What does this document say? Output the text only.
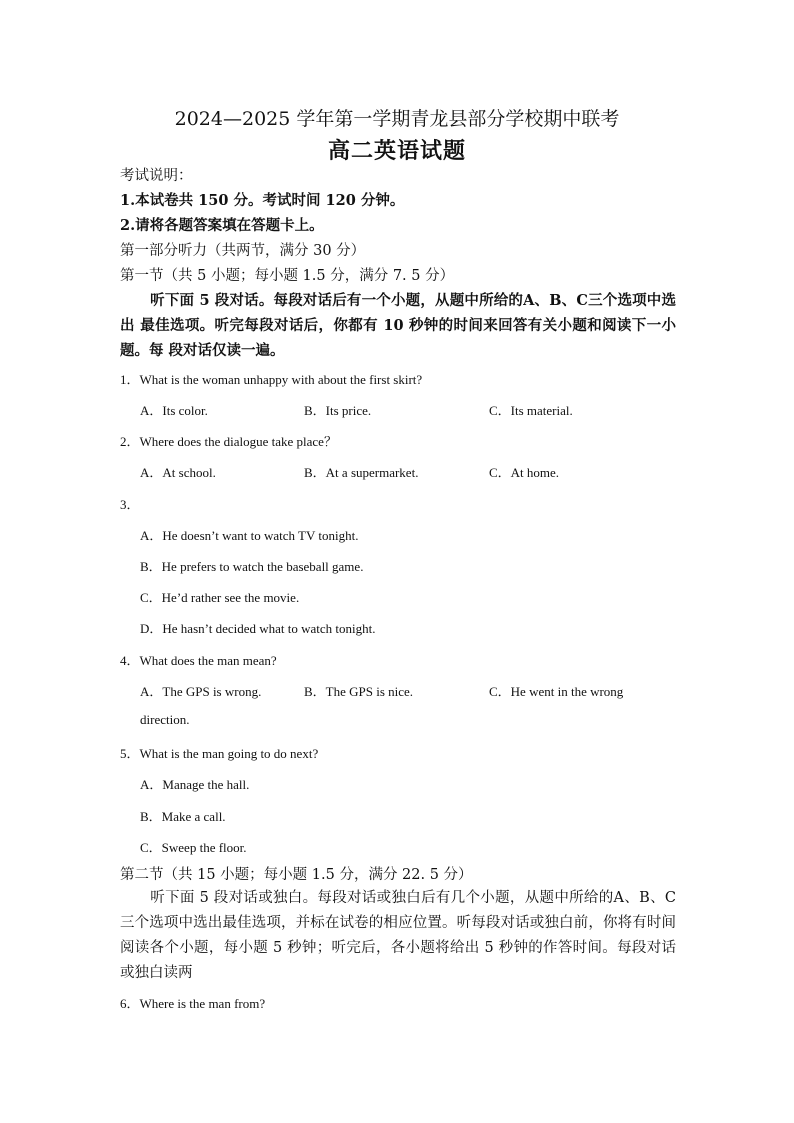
2024—2025 学年第一学期青龙县部分学校期中联考
高二英语试题
考试说明：
1.本试卷共 150 分。考试时间 120 分钟。
2.请将各题答案填在答题卡上。
第一部分听力（共两节，满分 30 分）
第一节（共 5 小题；每小题 1.5 分，满分 7. 5 分）
听下面 5 段对话。每段对话后有一个小题，从题中所给的A、B、C三个选项中选出 最佳选项。听完每段对话后，你都有 10 秒钟的时间来回答有关小题和阅读下一小题。每 段对话仅读一遍。
1．What is the woman unhappy with about the first skirt?
A．Its color.	B．Its price.	C．Its material.
2．Where does the dialogue take place？
A．At school.	B．At a supermarket.	C．At home.
3．
A．He doesn’t want to watch TV tonight.
B．He prefers to watch the baseball game.
C．He’d rather see the movie.
D．He hasn’t decided what to watch tonight.
4．What does the man mean?
A．The GPS is wrong.	B．The GPS is nice.	C．He went in the wrong
direction.
5．What is the man going to do next?
A．Manage the hall.
B．Make a call.
C．Sweep the floor.
第二节（共 15 小题；每小题 1.5 分，满分 22. 5 分）
听下面 5 段对话或独白。每段对话或独白后有几个小题，从题中所给的A、B、C三个选项中选出最佳选项，并标在试卷的相应位置。听每段对话或独白前，你将有时间阅读各个小题，每小题 5 秒钟；听完后，各小题将给出 5 秒钟的作答时间。每段对话或独白读两
6．Where is the man from?
